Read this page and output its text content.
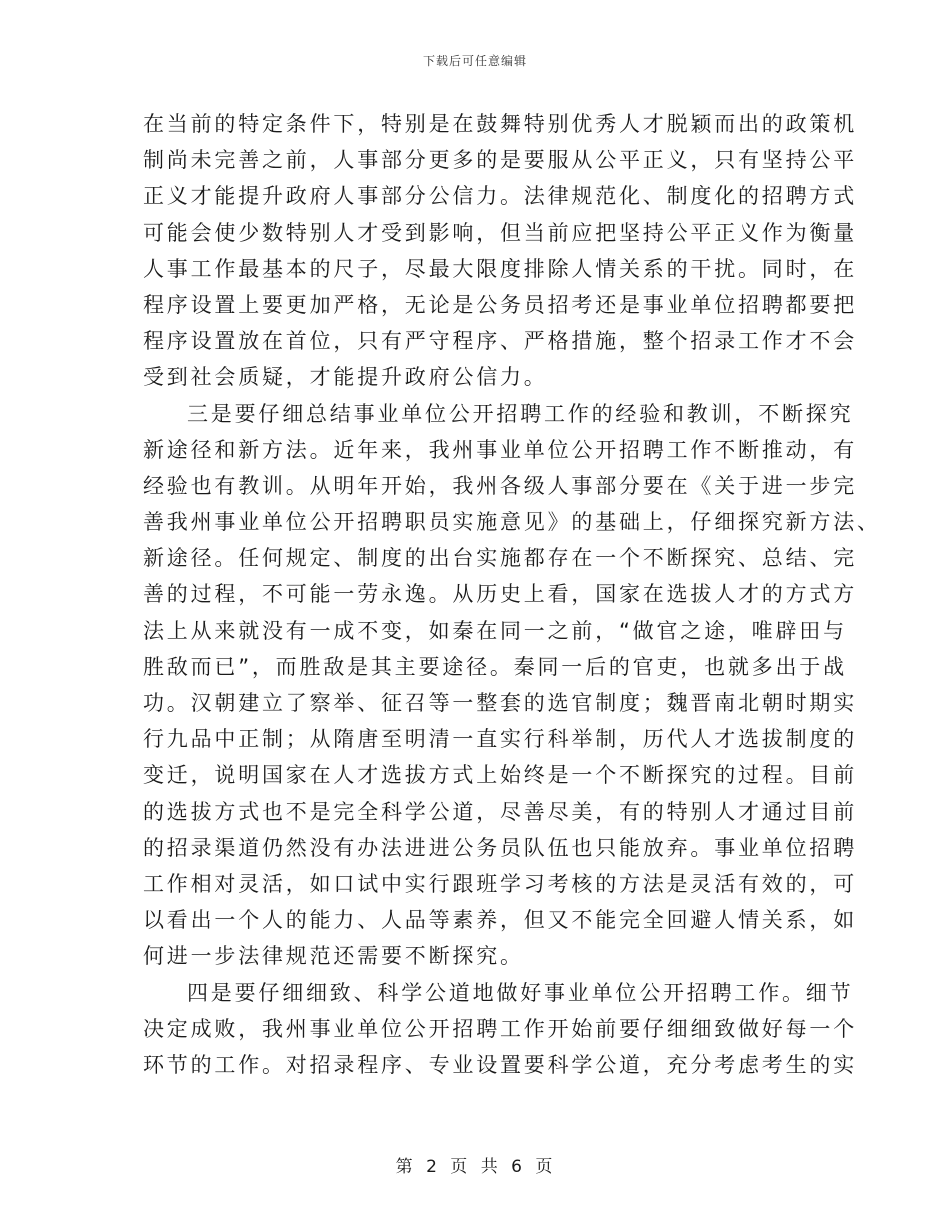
下载后可任意编辑
在当前的特定条件下，特别是在鼓舞特别优秀人才脱颖而出的政策机
制尚未完善之前，人事部分更多的是要服从公平正义，只有坚持公平
正义才能提升政府人事部分公信力。法律规范化、制度化的招聘方式
可能会使少数特别人才受到影响，但当前应把坚持公平正义作为衡量
人事工作最基本的尺子，尽最大限度排除人情关系的干扰。同时，在
程序设置上要更加严格，无论是公务员招考还是事业单位招聘都要把
程序设置放在首位，只有严守程序、严格措施，整个招录工作才不会
受到社会质疑，才能提升政府公信力。
三是要仔细总结事业单位公开招聘工作的经验和教训，不断探究
新途径和新方法。近年来，我州事业单位公开招聘工作不断推动，有
经验也有教训。从明年开始，我州各级人事部分要在《关于进一步完
善我州事业单位公开招聘职员实施意见》的基础上，仔细探究新方法、
新途径。任何规定、制度的出台实施都存在一个不断探究、总结、完
善的过程，不可能一劳永逸。从历史上看，国家在选拔人才的方式方
法上从来就没有一成不变，如秦在同一之前，“做官之途，唯辟田与
胜敌而已”，而胜敌是其主要途径。秦同一后的官吏，也就多出于战
功。汉朝建立了察举、征召等一整套的选官制度；魏晋南北朝时期实
行九品中正制；从隋唐至明清一直实行科举制，历代人才选拔制度的
变迁，说明国家在人才选拔方式上始终是一个不断探究的过程。目前
的选拔方式也不是完全科学公道，尽善尽美，有的特别人才通过目前
的招录渠道仍然没有办法进进公务员队伍也只能放弃。事业单位招聘
工作相对灵活，如口试中实行跟班学习考核的方法是灵活有效的，可
以看出一个人的能力、人品等素养，但又不能完全回避人情关系，如
何进一步法律规范还需要不断探究。
四是要仔细细致、科学公道地做好事业单位公开招聘工作。细节
决定成败，我州事业单位公开招聘工作开始前要仔细细致做好每一个
环节的工作。对招录程序、专业设置要科学公道，充分考虑考生的实
第 2 页 共 6 页
